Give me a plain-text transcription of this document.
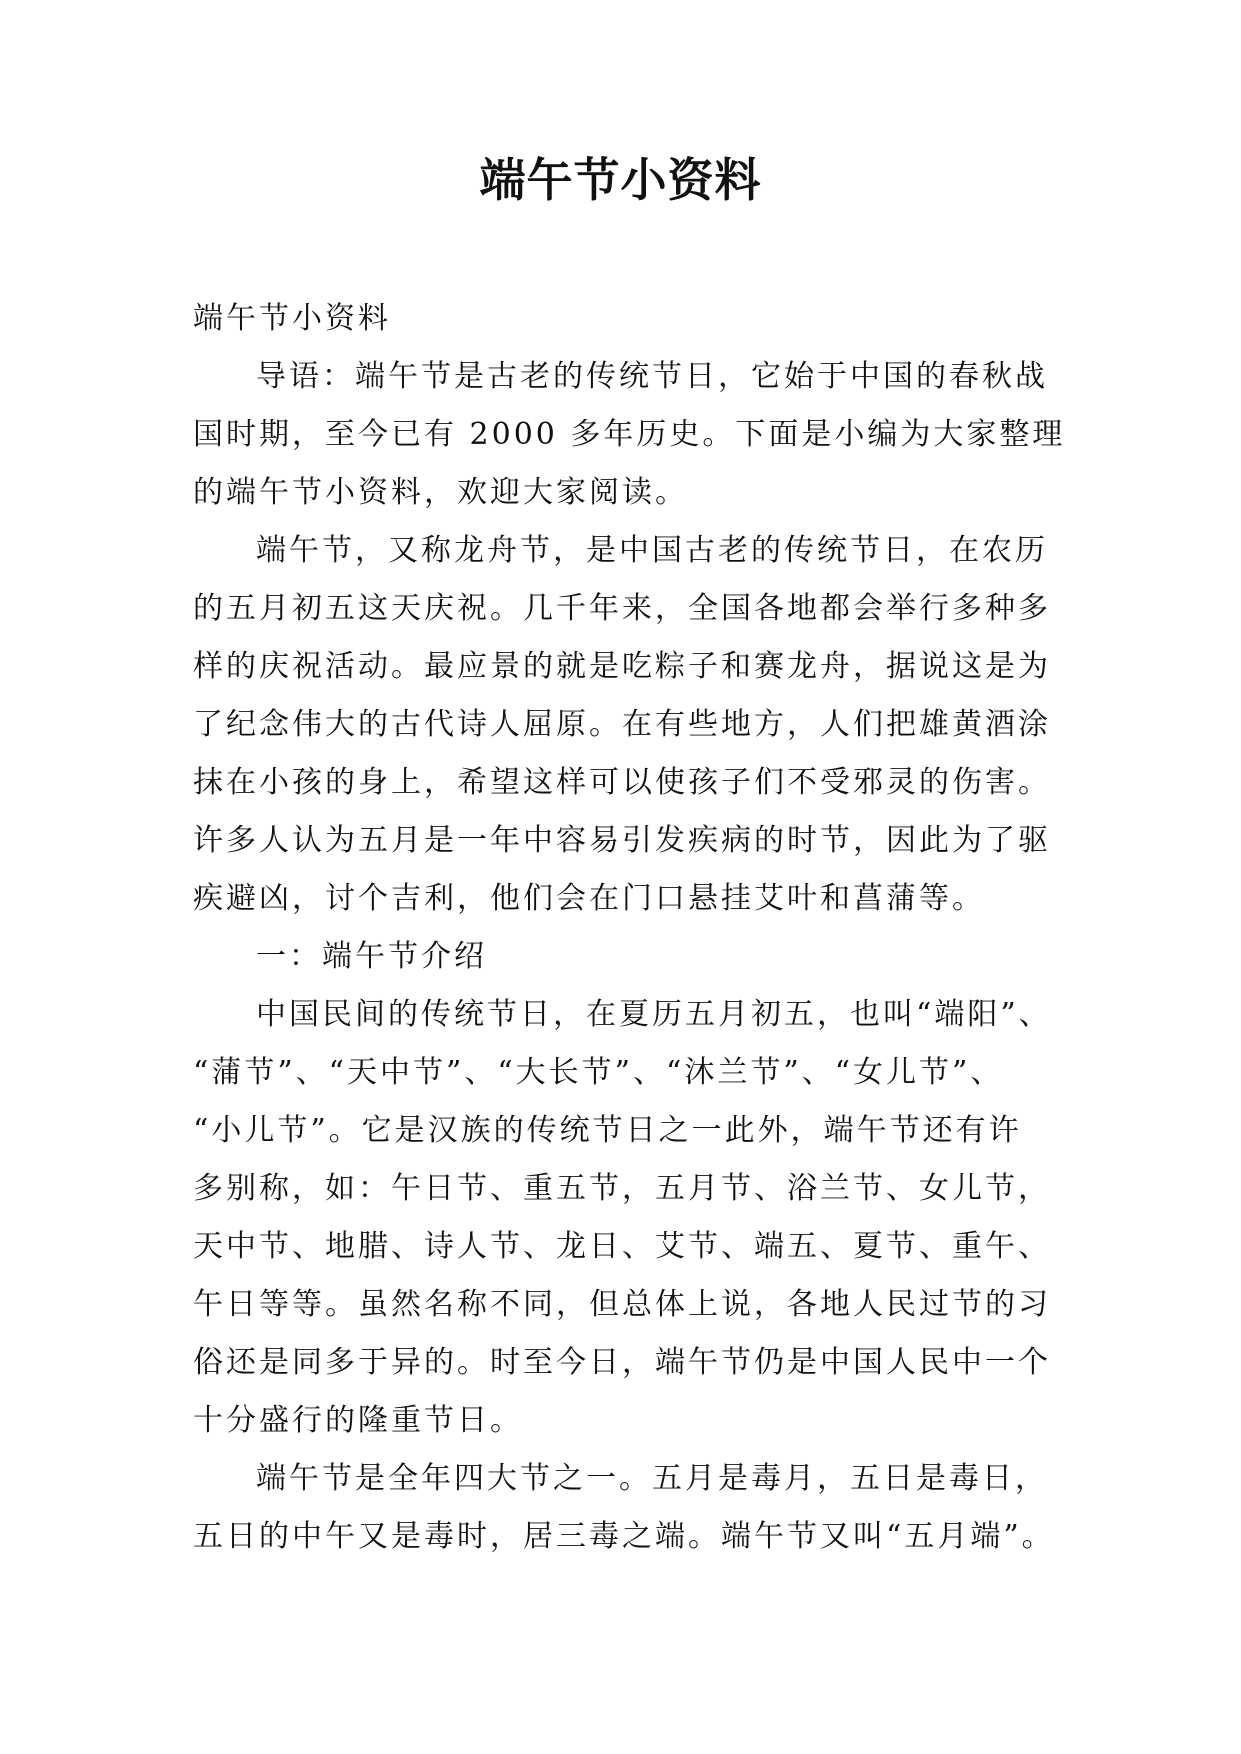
端午节小资料
端午节小资料
导语：端午节是古老的传统节日，它始于中国的春秋战
国时期，至今已有 2000 多年历史。下面是小编为大家整理
的端午节小资料，欢迎大家阅读。
端午节，又称龙舟节，是中国古老的传统节日，在农历
的五月初五这天庆祝。几千年来，全国各地都会举行多种多
样的庆祝活动。最应景的就是吃粽子和赛龙舟，据说这是为
了纪念伟大的古代诗人屈原。在有些地方，人们把雄黄酒涂
抹在小孩的身上，希望这样可以使孩子们不受邪灵的伤害。
许多人认为五月是一年中容易引发疾病的时节，因此为了驱
疾避凶，讨个吉利，他们会在门口悬挂艾叶和菖蒲等。
一：端午节介绍
中国民间的传统节日，在夏历五月初五，也叫“端阳”、
“蒲节”、“天中节”、“大长节”、“沐兰节”、“女儿节”、
“小儿节”。它是汉族的传统节日之一此外，端午节还有许
多别称，如：午日节、重五节，五月节、浴兰节、女儿节，
天中节、地腊、诗人节、龙日、艾节、端五、夏节、重午、
午日等等。虽然名称不同，但总体上说，各地人民过节的习
俗还是同多于异的。时至今日，端午节仍是中国人民中一个
十分盛行的隆重节日。
端午节是全年四大节之一。五月是毒月，五日是毒日，
五日的中午又是毒时，居三毒之端。端午节又叫“五月端”。
